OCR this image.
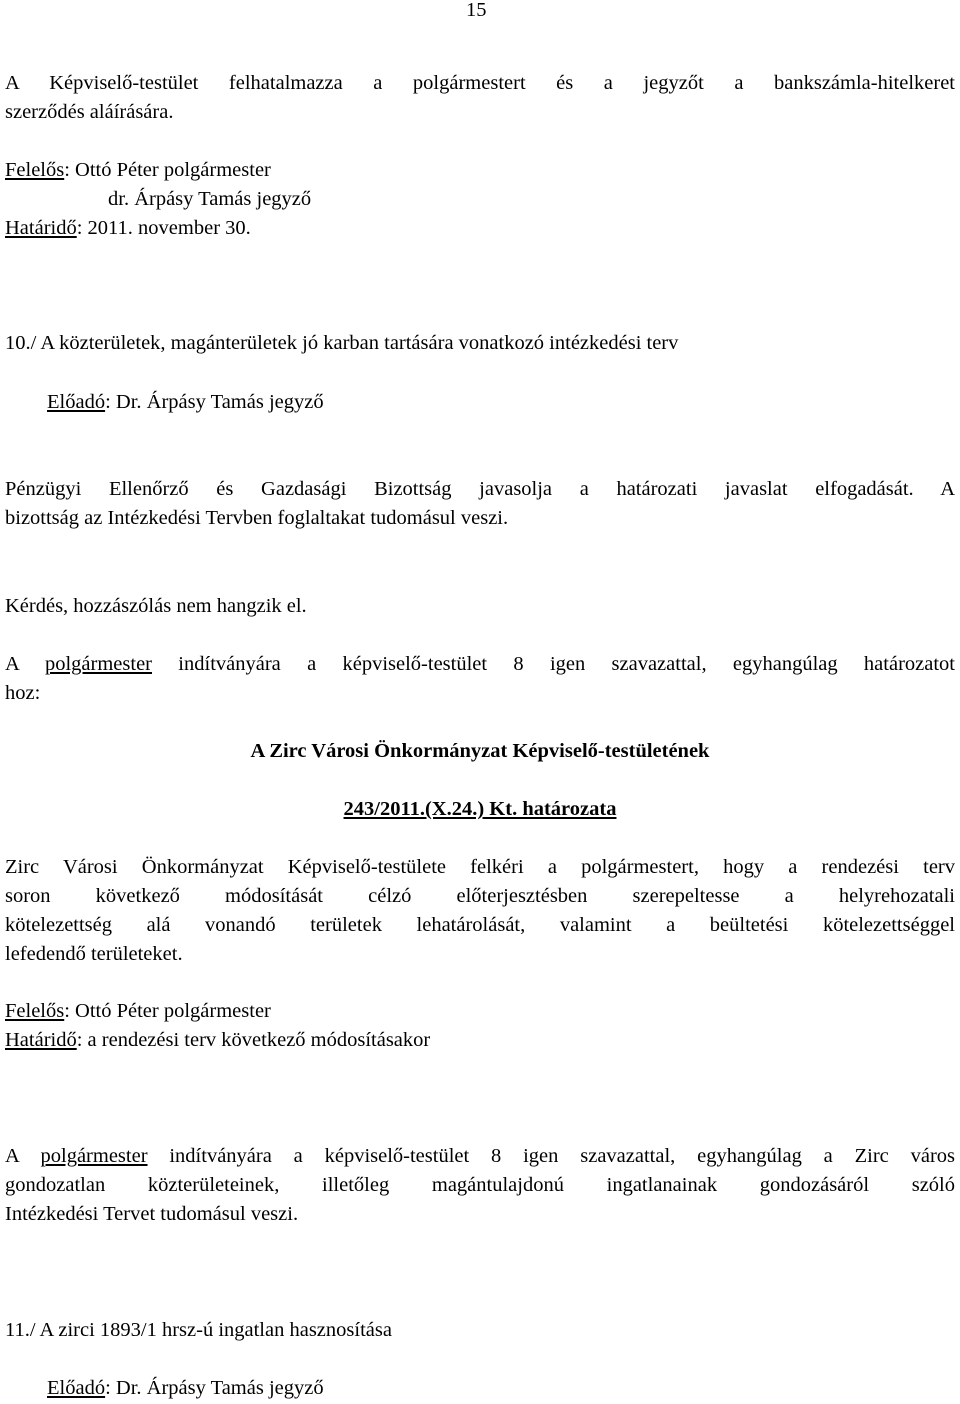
15
A Képviselő-testület felhatalmazza a polgármestert és a jegyzőt a bankszámla-hitelkeret
szerződés aláírására.
Felelős: Ottó Péter polgármester
dr. Árpásy Tamás jegyző
Határidő: 2011. november 30.
10./ A közterületek, magánterületek jó karban tartására vonatkozó intézkedési terv
Előadó: Dr. Árpásy Tamás jegyző
Pénzügyi Ellenőrző és Gazdasági Bizottság javasolja a határozati javaslat elfogadását. A
bizottság az Intézkedési Tervben foglaltakat tudomásul veszi.
Kérdés, hozzászólás nem hangzik el.
A polgármester indítványára a képviselő-testület 8 igen szavazattal, egyhangúlag határozatot
hoz:
A Zirc Városi Önkormányzat Képviselő-testületének
243/2011.(X.24.) Kt. határozata
Zirc Városi Önkormányzat Képviselő-testülete felkéri a polgármestert, hogy a rendezési terv
soron következő módosítását célzó előterjesztésben szerepeltesse a helyrehozatali
kötelezettség alá vonandó területek lehatárolását, valamint a beültetési kötelezettséggel
lefedendő területeket.
Felelős: Ottó Péter polgármester
Határidő: a rendezési terv következő módosításakor
A polgármester indítványára a képviselő-testület 8 igen szavazattal, egyhangúlag a Zirc város
gondozatlan közterületeinek, illetőleg magántulajdonú ingatlanainak gondozásáról szóló
Intézkedési Tervet tudomásul veszi.
11./ A zirci 1893/1 hrsz-ú ingatlan hasznosítása
Előadó: Dr. Árpásy Tamás jegyző
